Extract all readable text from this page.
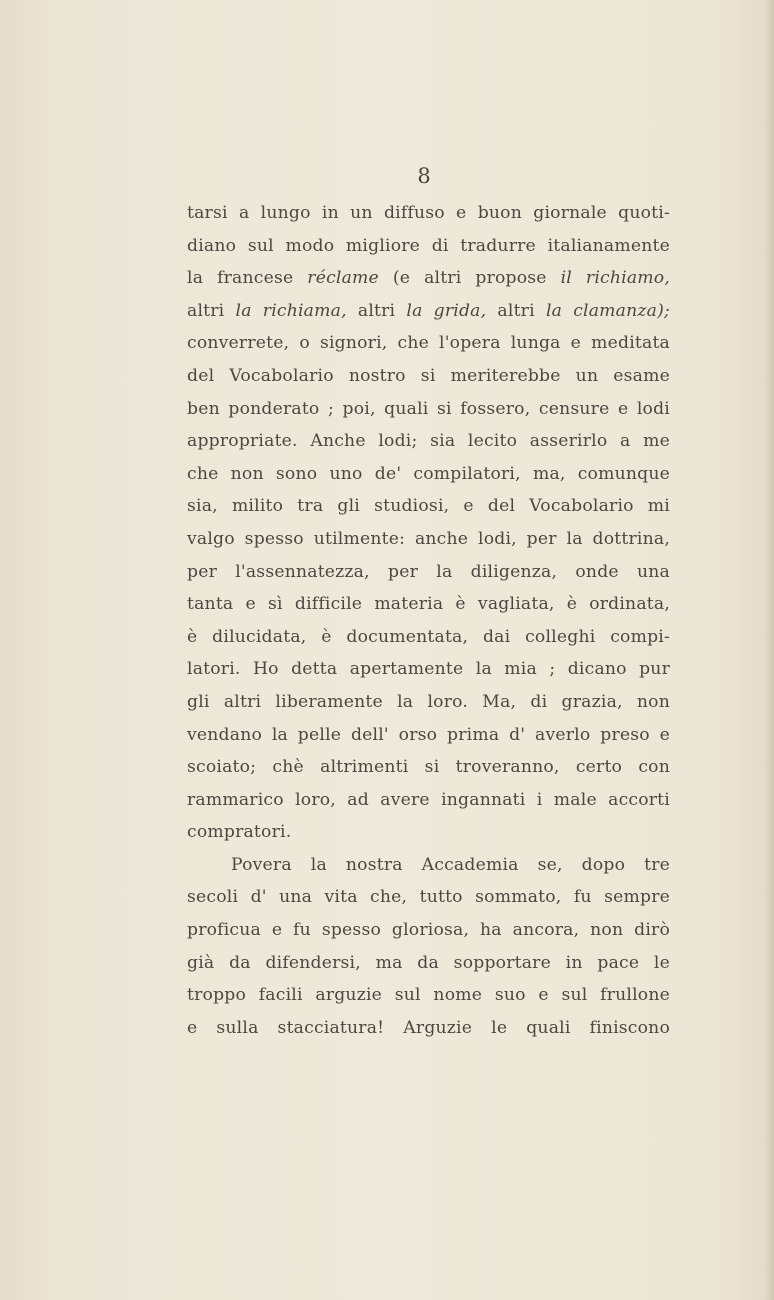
8
tarsi a lungo in un diffuso e buon giornale quoti-
diano sul modo migliore di tradurre italianamente
la francese réclame (e altri propose il richiamo,
altri la richiama, altri la grida, altri la clamanza);
converrete, o signori, che l'opera lunga e meditata
del Vocabolario nostro si meriterebbe un esame
ben ponderato ; poi, quali si fossero, censure e lodi
appropriate. Anche lodi; sia lecito asserirlo a me
che non sono uno de' compilatori, ma, comunque
sia, milito tra gli studiosi, e del Vocabolario mi
valgo spesso utilmente: anche lodi, per la dottrina,
per l'assennatezza, per la diligenza, onde una
tanta e sì difficile materia è vagliata, è ordinata,
è dilucidata, è documentata, dai colleghi compi-
latori. Ho detta apertamente la mia ; dicano pur
gli altri liberamente la loro. Ma, di grazia, non
vendano la pelle dell' orso prima d' averlo preso e
scoiato; chè altrimenti si troveranno, certo con
rammarico loro, ad avere ingannati i male accorti
compratori.
Povera la nostra Accademia se, dopo tre
secoli d' una vita che, tutto sommato, fu sempre
proficua e fu spesso gloriosa, ha ancora, non dirò
già da difendersi, ma da sopportare in pace le
troppo facili arguzie sul nome suo e sul frullone
e sulla stacciatura! Arguzie le quali finiscono
